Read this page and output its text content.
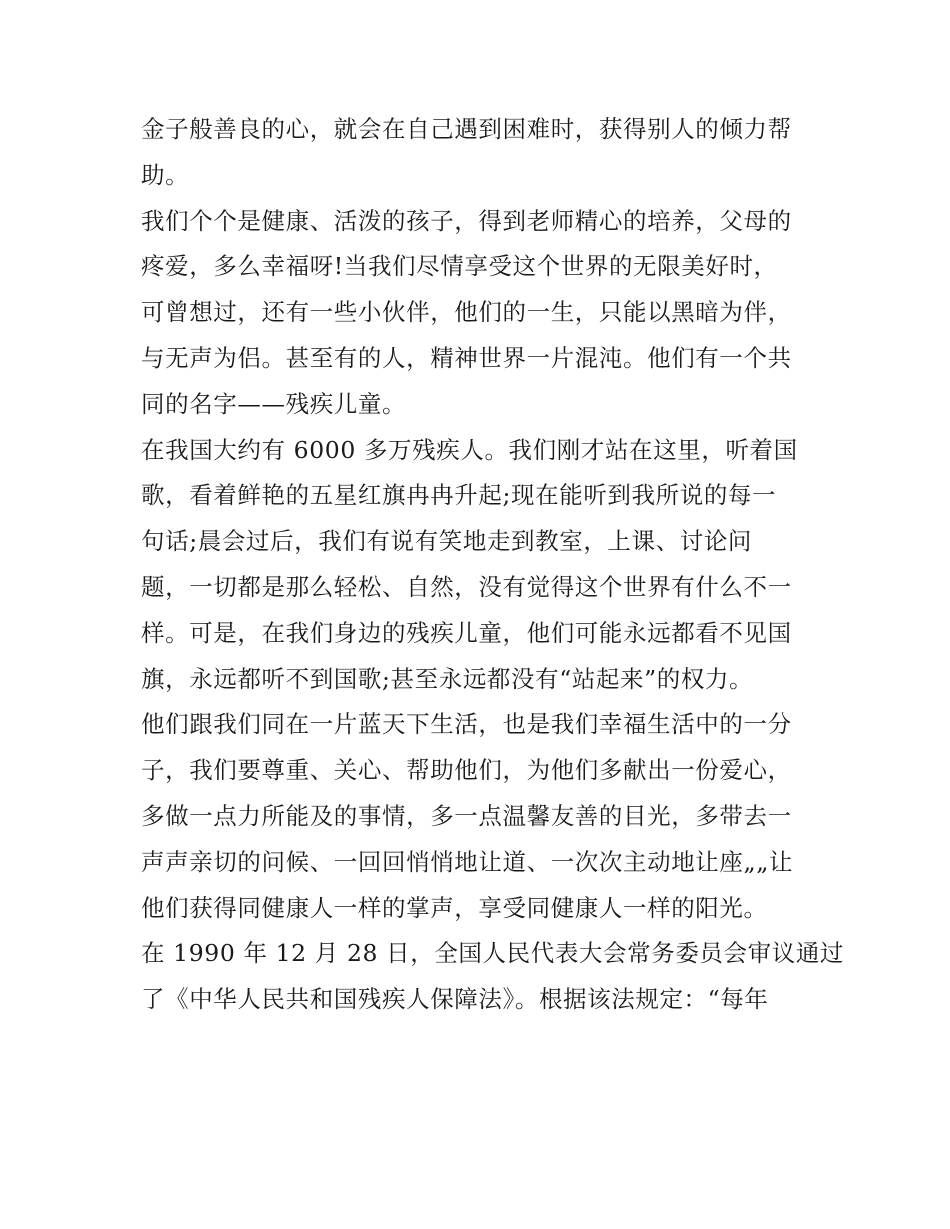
金子般善良的心，就会在自己遇到困难时，获得别人的倾力帮
助。
我们个个是健康、活泼的孩子，得到老师精心的培养，父母的
疼爱，多么幸福呀!当我们尽情享受这个世界的无限美好时，
可曾想过，还有一些小伙伴，他们的一生，只能以黑暗为伴，
与无声为侣。甚至有的人，精神世界一片混沌。他们有一个共
同的名字——残疾儿童。
在我国大约有 6000 多万残疾人。我们刚才站在这里，听着国
歌，看着鲜艳的五星红旗冉冉升起;现在能听到我所说的每一
句话;晨会过后，我们有说有笑地走到教室，上课、讨论问
题，一切都是那么轻松、自然，没有觉得这个世界有什么不一
样。可是，在我们身边的残疾儿童，他们可能永远都看不见国
旗，永远都听不到国歌;甚至永远都没有“站起来”的权力。
他们跟我们同在一片蓝天下生活，也是我们幸福生活中的一分
子，我们要尊重、关心、帮助他们，为他们多献出一份爱心，
多做一点力所能及的事情，多一点温馨友善的目光，多带去一
声声亲切的问候、一回回悄悄地让道、一次次主动地让座„„让
他们获得同健康人一样的掌声，享受同健康人一样的阳光。
在 1990 年 12 月 28 日，全国人民代表大会常务委员会审议通过
了《中华人民共和国残疾人保障法》。根据该法规定：“每年
